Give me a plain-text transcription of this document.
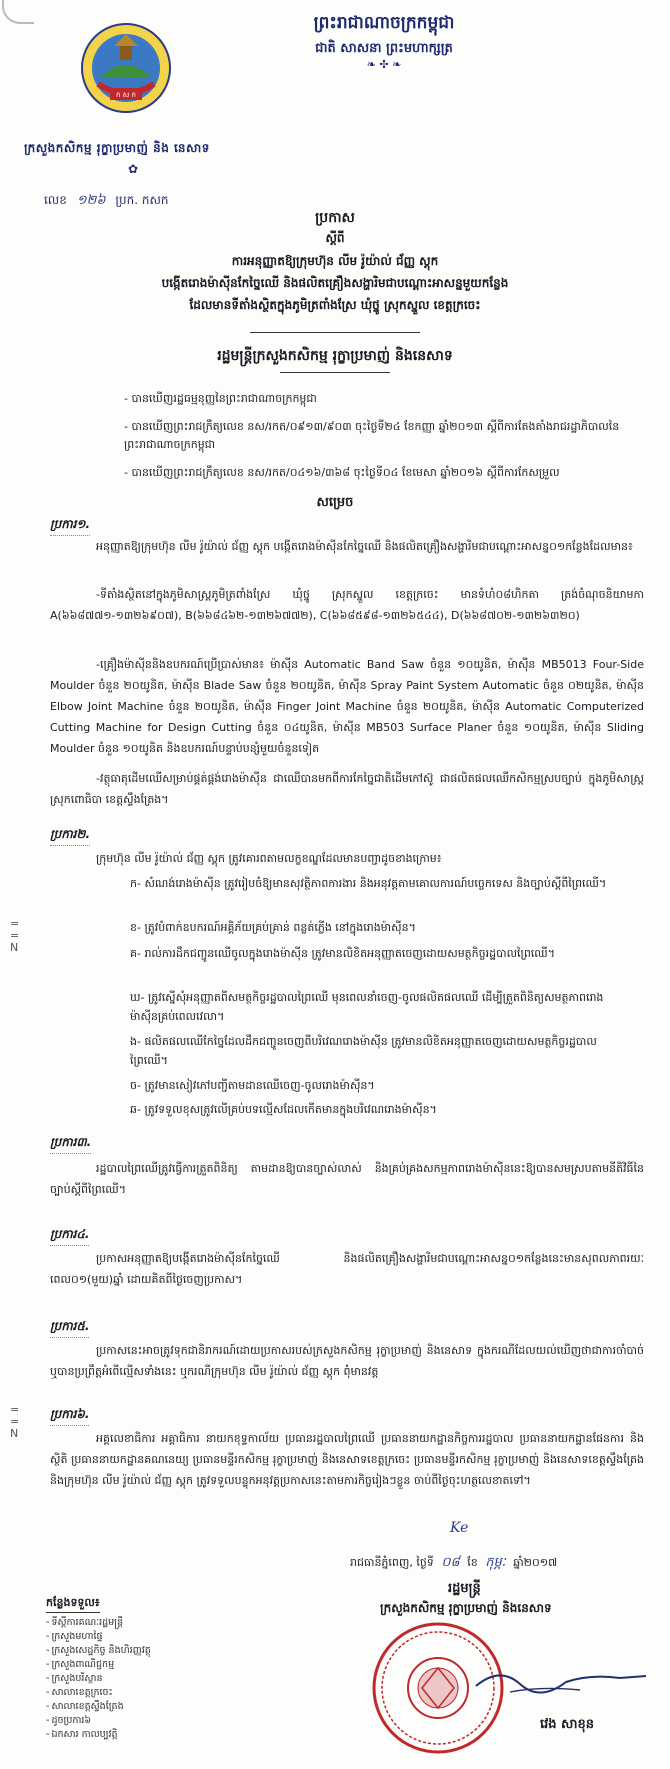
=
=
N
=
=
N
ក ស ក
ព្រះរាជាណាចក្រកម្ពុជា
ជាតិ សាសនា ព្រះមហាក្សត្រ
❧ ✣ ❧
ក្រសួងកសិកម្ម រុក្ខាប្រមាញ់ និង នេសាទ
✿
លេខ ១២៦ ប្រក. កសក
ប្រកាស
ស្តីពី
ការអនុញ្ញាតឱ្យក្រុមហ៊ុន លីម រ៉ូយ៉ាល់ ជ័ញ្ញ ស្តុក
បង្កើតរោងម៉ាស៊ីនកែច្នៃឈើ និងផលិតគ្រឿងសង្ហារិមជាបណ្ដោះអាសន្នមួយកន្លែង
ដែលមានទីតាំងស្ថិតក្នុងភូមិត្រពាំងស្រែ ឃុំថ្នូ ស្រុកស្នួល ខេត្តក្រចេះ
រដ្ឋមន្ត្រីក្រសួងកសិកម្ម រុក្ខាប្រមាញ់ និងនេសាទ
- បានឃើញរដ្ឋធម្មនុញ្ញនៃព្រះរាជាណាចក្រកម្ពុជា
- បានឃើញព្រះរាជក្រឹត្យលេខ នស/រកត/០៩១៣/៩០៣ ចុះថ្ងៃទី២៤ ខែកញ្ញា ឆ្នាំ២០១៣ ស្តីពីការតែងតាំងរាជរដ្ឋាភិបាលនៃព្រះរាជាណាចក្រកម្ពុជា
- បានឃើញព្រះរាជក្រឹត្យលេខ នស/រកត/០៤១៦/៣៦៨ ចុះថ្ងៃទី០៤ ខែមេសា ឆ្នាំ២០១៦ ស្តីពីការកែសម្រួល
សម្រេច
ប្រការ១.
អនុញ្ញាតឱ្យក្រុមហ៊ុន លីម រ៉ូយ៉ាល់ ជ័ញ្ញ ស្តុក បង្កើតរោងម៉ាស៊ីនកែច្នៃឈើ និងផលិតគ្រឿងសង្ហារិមជាបណ្ដោះអាសន្ន០១កន្លែងដែលមាន៖
-ទីតាំងស្ថិតនៅក្នុងភូមិសាស្ត្រភូមិត្រពាំងស្រែ ឃុំថ្នូ ស្រុកស្នួល ខេត្តក្រចេះ មានទំហំ០៨ហិកតា ត្រង់ចំណុចនិយាមកា A(៦៦៨៧៧១-១៣២៦៩០៧), B(៦៦៨៤៦២-១៣២៦៧៧២), C(៦៦៨៥៩៨-១៣២៦៥៤៤), D(៦៦៨៧០២-១៣២៦៣២០)
-គ្រឿងម៉ាស៊ីននិងឧបករណ៍ប្រើប្រាស់មាន៖ ម៉ាស៊ីន Automatic Band Saw ចំនួន ១០យូនិត, ម៉ាស៊ីន MB5013 Four-Side Moulder ចំនួន ២០យូនិត, ម៉ាស៊ីន Blade Saw ចំនួន ២០យូនិត, ម៉ាស៊ីន Spray Paint System Automatic ចំនួន ០២យូនិត, ម៉ាស៊ីន Elbow Joint Machine ចំនួន ២០យូនិត, ម៉ាស៊ីន Finger Joint Machine ចំនួន ២០យូនិត, ម៉ាស៊ីន Automatic Computerized Cutting Machine for Design Cutting ចំនួន ០៤យូនិត, ម៉ាស៊ីន MB503 Surface Planer ចំនួន ១០យូនិត, ម៉ាស៊ីន Sliding Moulder ចំនួន ១០យូនិត និងឧបករណ៍បន្ទាប់បន្សំមួយចំនួនទៀត
-វត្ថុធាតុដើមឈើសម្រាប់ផ្គត់ផ្គង់រោងម៉ាស៊ីន ជាឈើបានមកពីការកែច្នៃជាតិដើមកៅស៊ូ ជាផលិតផលឈើកសិកម្មស្របច្បាប់ ក្នុងភូមិសាស្ត្រស្រុកពោធិបា ខេត្តស្ទឹងត្រែង។
ប្រការ២.
ក្រុមហ៊ុន លីម រ៉ូយ៉ាល់ ជ័ញ្ញ ស្តុក ត្រូវគោរពតាមលក្ខខណ្ឌដែលមានបញ្ជាដូចខាងក្រោម៖
ក- សំណង់រោងម៉ាស៊ីន ត្រូវរៀបចំឱ្យមានសុវត្ថិភាពការងារ និងអនុវត្តតាមគោលការណ៍បច្ចេកទេស និងច្បាប់ស្តីពីព្រៃឈើ។
ខ- ត្រូវបំពាក់ឧបករណ៍អគ្គិភ័យគ្រប់គ្រាន់ ពន្លត់ភ្លើង នៅក្នុងរោងម៉ាស៊ីន។
គ- រាល់ការដឹកជញ្ជូនឈើចូលក្នុងរោងម៉ាស៊ីន ត្រូវមានលិខិតអនុញ្ញាតចេញដោយសមត្ថកិច្ចរដ្ឋបាលព្រៃឈើ។
ឃ- ត្រូវស្នើសុំអនុញ្ញាតពីសមត្ថកិច្ចរដ្ឋបាលព្រៃឈើ មុនពេលនាំចេញ-ចូលផលិតផលឈើ ដើម្បីត្រួតពិនិត្យសមត្ថភាពរោងម៉ាស៊ីនគ្រប់ពេលវេលា។
ង- ផលិតផលឈើកែច្នៃដែលដឹកជញ្ជូនចេញពីបរិវេណរោងម៉ាស៊ីន ត្រូវមានលិខិតអនុញ្ញាតចេញដោយសមត្ថកិច្ចរដ្ឋបាលព្រៃឈើ។
ច- ត្រូវមានសៀវភៅបញ្ជីតាមដានឈើចេញ-ចូលរោងម៉ាស៊ីន។
ឆ- ត្រូវទទួលខុសត្រូវលើគ្រប់បទល្មើសដែលកើតមានក្នុងបរិវេណរោងម៉ាស៊ីន។
ប្រការ៣.
រដ្ឋបាលព្រៃឈើត្រូវធ្វើការត្រួតពិនិត្យ តាមដានឱ្យបានច្បាស់លាស់ និងគ្រប់គ្រងសកម្មភាពរោងម៉ាស៊ីននេះឱ្យបានសមស្របតាមនីតិវិធីនៃច្បាប់ស្តីពីព្រៃឈើ។
ប្រការ៤.
ប្រកាសអនុញ្ញាតឱ្យបង្កើតរោងម៉ាស៊ីនកែច្នៃឈើ និងផលិតគ្រឿងសង្ហារិមជាបណ្ដោះអាសន្ន០១កន្លែងនេះមានសុពលភាពរយៈពេល០១(មួយ)ឆ្នាំ ដោយគិតពីថ្ងៃចេញប្រកាស។
ប្រការ៥.
ប្រកាសនេះអាចត្រូវទុកជានិរាករណ៍ដោយប្រកាសរបស់ក្រសួងកសិកម្ម រុក្ខាប្រមាញ់ និងនេសាទ ក្នុងករណីដែលយល់ឃើញថាជាការចាំបាច់ ឬបានប្រព្រឹត្តអំពើល្មើសទាំងនេះ ឬករណីក្រុមហ៊ុន លីម រ៉ូយ៉ាល់ ជ័ញ្ញ ស្តុក ពុំមានវត្ត
ប្រការ៦.
អគ្គលេខាធិការ អគ្គាធិការ នាយកខុទ្ទកាល័យ ប្រធានរដ្ឋបាលព្រៃឈើ ប្រធាននាយកដ្ឋានកិច្ចការរដ្ឋបាល ប្រធាននាយកដ្ឋានផែនការ និងស្ថិតិ ប្រធាននាយកដ្ឋានគណនេយ្យ ប្រធានមន្ទីរកសិកម្ម រុក្ខាប្រមាញ់ និងនេសាទខេត្តក្រចេះ ប្រធានមន្ទីរកសិកម្ម រុក្ខាប្រមាញ់ និងនេសាទខេត្តស្ទឹងត្រែង និងក្រុមហ៊ុន លីម រ៉ូយ៉ាល់ ជ័ញ្ញ ស្តុក ត្រូវទទួលបន្ទុកអនុវត្តប្រកាសនេះតាមភារកិច្ចរៀងៗខ្លួន ចាប់ពីថ្ងៃចុះហត្ថលេខាតទៅ។
Ke
រាជធានីភ្នំពេញ, ថ្ងៃទី ០៨ ខែ កុម្ភៈ ឆ្នាំ២០១៧
រដ្ឋមន្ត្រី
ក្រសួងកសិកម្ម រុក្ខាប្រមាញ់ និងនេសាទ
វេង សាខុន
កន្លែងទទួល៖
- ទីស្តីការគណៈរដ្ឋមន្ត្រី
- ក្រសួងមហាផ្ទៃ
- ក្រសួងសេដ្ឋកិច្ច និងហិរញ្ញវត្ថុ
- ក្រសួងពាណិជ្ជកម្ម
- ក្រសួងបរិស្ថាន
- សាលាខេត្តក្រចេះ
- សាលាខេត្តស្ទឹងត្រែង
- ដូចប្រការ៦
- ឯកសារ កាលប្បវត្តិ
